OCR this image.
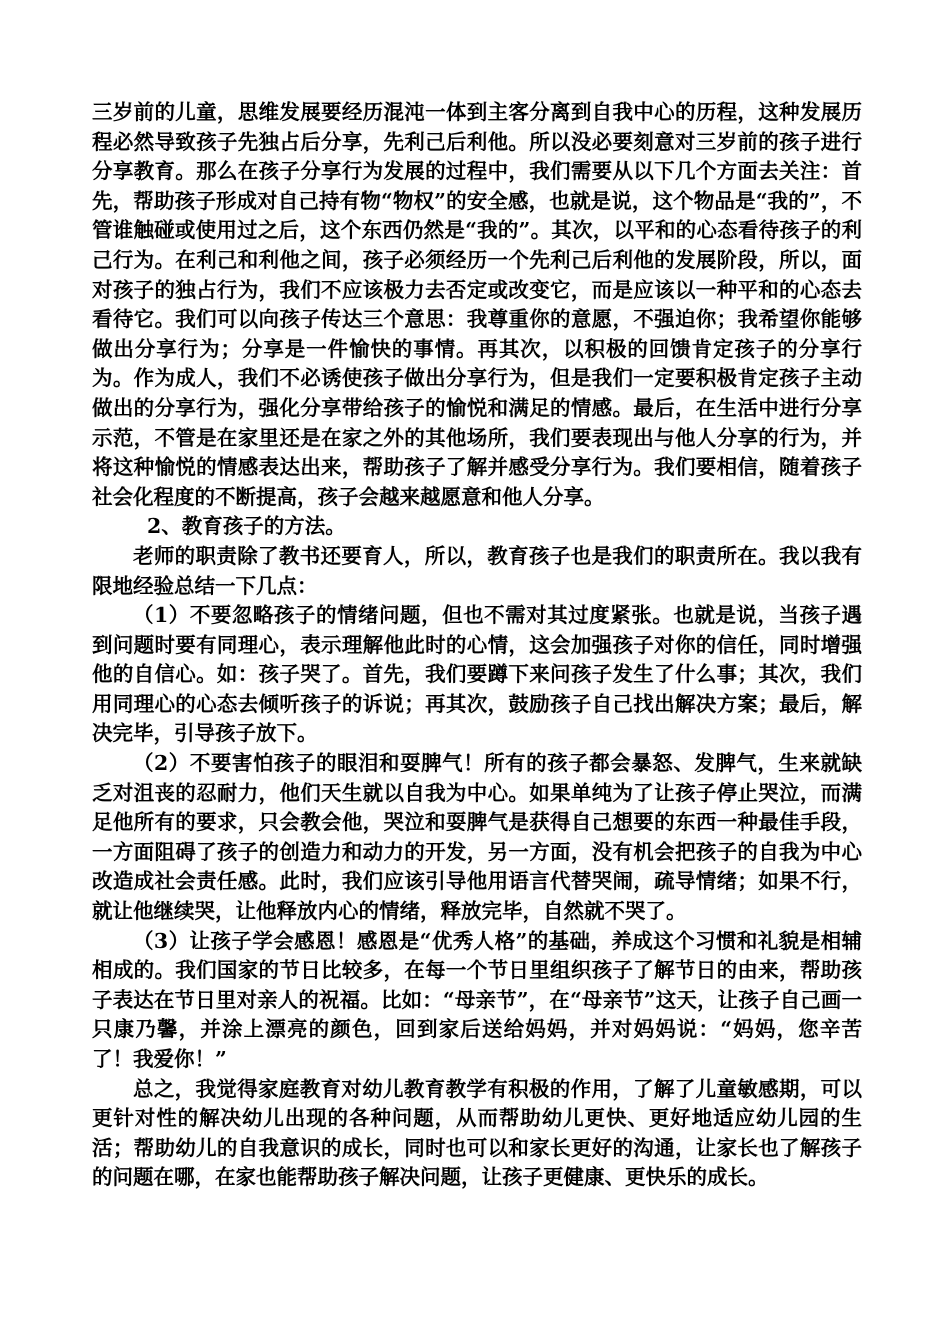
三岁前的儿童，思维发展要经历混沌一体到主客分离到自我中心的历程，这种发展历程必然导致孩子先独占后分享，先利己后利他。所以没必要刻意对三岁前的孩子进行分享教育。那么在孩子分享行为发展的过程中，我们需要从以下几个方面去关注：首先，帮助孩子形成对自己持有物“物权”的安全感，也就是说，这个物品是“我的”，不管谁触碰或使用过之后，这个东西仍然是“我的”。其次，以平和的心态看待孩子的利己行为。在利己和利他之间，孩子必须经历一个先利己后利他的发展阶段，所以，面对孩子的独占行为，我们不应该极力去否定或改变它，而是应该以一种平和的心态去看待它。我们可以向孩子传达三个意思：我尊重你的意愿，不强迫你；我希望你能够做出分享行为；分享是一件愉快的事情。再其次，以积极的回馈肯定孩子的分享行为。作为成人，我们不必诱使孩子做出分享行为，但是我们一定要积极肯定孩子主动做出的分享行为，强化分享带给孩子的愉悦和满足的情感。最后，在生活中进行分享示范，不管是在家里还是在家之外的其他场所，我们要表现出与他人分享的行为，并将这种愉悦的情感表达出来，帮助孩子了解并感受分享行为。我们要相信，随着孩子社会化程度的不断提高，孩子会越来越愿意和他人分享。

2、教育孩子的方法。

老师的职责除了教书还要育人，所以，教育孩子也是我们的职责所在。我以我有限地经验总结一下几点：

（1）不要忽略孩子的情绪问题，但也不需对其过度紧张。也就是说，当孩子遇到问题时要有同理心，表示理解他此时的心情，这会加强孩子对你的信任，同时增强他的自信心。如：孩子哭了。首先，我们要蹲下来问孩子发生了什么事；其次，我们用同理心的心态去倾听孩子的诉说；再其次，鼓励孩子自己找出解决方案；最后，解决完毕，引导孩子放下。

（2）不要害怕孩子的眼泪和耍脾气！所有的孩子都会暴怒、发脾气，生来就缺乏对沮丧的忍耐力，他们天生就以自我为中心。如果单纯为了让孩子停止哭泣，而满足他所有的要求，只会教会他，哭泣和耍脾气是获得自己想要的东西一种最佳手段，一方面阻碍了孩子的创造力和动力的开发，另一方面，没有机会把孩子的自我为中心改造成社会责任感。此时，我们应该引导他用语言代替哭闹，疏导情绪；如果不行，就让他继续哭，让他释放内心的情绪，释放完毕，自然就不哭了。

（3）让孩子学会感恩！感恩是“优秀人格”的基础，养成这个习惯和礼貌是相辅相成的。我们国家的节日比较多，在每一个节日里组织孩子了解节日的由来，帮助孩子表达在节日里对亲人的祝福。比如：“母亲节”，在“母亲节”这天，让孩子自己画一只康乃馨，并涂上漂亮的颜色，回到家后送给妈妈，并对妈妈说：“妈妈，您辛苦了！我爱你！”

总之，我觉得家庭教育对幼儿教育教学有积极的作用，了解了儿童敏感期，可以更针对性的解决幼儿出现的各种问题，从而帮助幼儿更快、更好地适应幼儿园的生活；帮助幼儿的自我意识的成长，同时也可以和家长更好的沟通，让家长也了解孩子的问题在哪，在家也能帮助孩子解决问题，让孩子更健康、更快乐的成长。
